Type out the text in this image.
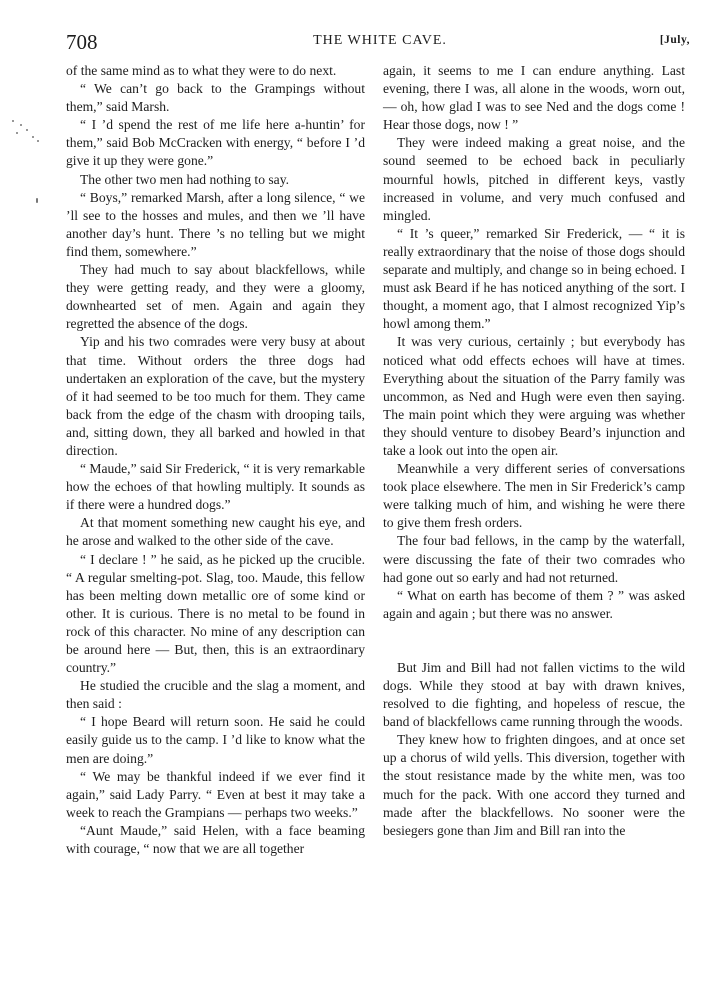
708	THE WHITE CAVE.	[July,

of the same mind as to what they were to do next.

“ We can’t go back to the Grampings without them,” said Marsh.

“ I ’d spend the rest of me life here a-huntin’ for them,” said Bob McCracken with energy, “ before I ’d give it up they were gone.”

The other two men had nothing to say.

“ Boys,” remarked Marsh, after a long silence, “ we ’ll see to the hosses and mules, and then we ’ll have another day’s hunt. There ’s no telling but we might find them, somewhere.”

They had much to say about blackfellows, while they were getting ready, and they were a gloomy, downhearted set of men. Again and again they regretted the absence of the dogs.

Yip and his two comrades were very busy at about that time. Without orders the three dogs had undertaken an exploration of the cave, but the mystery of it had seemed to be too much for them. They came back from the edge of the chasm with drooping tails, and, sitting down, they all barked and howled in that direction.

“ Maude,” said Sir Frederick, “ it is very remarkable how the echoes of that howling multiply. It sounds as if there were a hundred dogs.”

At that moment something new caught his eye, and he arose and walked to the other side of the cave.

“ I declare ! ” he said, as he picked up the crucible. “ A regular smelting-pot. Slag, too. Maude, this fellow has been melting down metallic ore of some kind or other. It is curious. There is no metal to be found in rock of this character. No mine of any description can be around here — But, then, this is an extraordinary country.”

He studied the crucible and the slag a moment, and then said :

“ I hope Beard will return soon. He said he could easily guide us to the camp. I ’d like to know what the men are doing.”

“ We may be thankful indeed if we ever find it again,” said Lady Parry. “ Even at best it may take a week to reach the Grampians — perhaps two weeks.”

“Aunt Maude,” said Helen, with a face beaming with courage, “ now that we are all together

again, it seems to me I can endure anything. Last evening, there I was, all alone in the woods, worn out, — oh, how glad I was to see Ned and the dogs come ! Hear those dogs, now ! ”

They were indeed making a great noise, and the sound seemed to be echoed back in peculiarly mournful howls, pitched in different keys, vastly increased in volume, and very much confused and mingled.

“ It ’s queer,” remarked Sir Frederick, — “ it is really extraordinary that the noise of those dogs should separate and multiply, and change so in being echoed. I must ask Beard if he has noticed anything of the sort. I thought, a moment ago, that I almost recognized Yip’s howl among them.”

It was very curious, certainly ; but everybody has noticed what odd effects echoes will have at times. Everything about the situation of the Parry family was uncommon, as Ned and Hugh were even then saying. The main point which they were arguing was whether they should venture to disobey Beard’s injunction and take a look out into the open air.

Meanwhile a very different series of conversations took place elsewhere. The men in Sir Frederick’s camp were talking much of him, and wishing he were there to give them fresh orders.

The four bad fellows, in the camp by the waterfall, were discussing the fate of their two comrades who had gone out so early and had not returned.

“ What on earth has become of them ? ” was asked again and again ; but there was no answer.

But Jim and Bill had not fallen victims to the wild dogs. While they stood at bay with drawn knives, resolved to die fighting, and hopeless of rescue, the band of blackfellows came running through the woods.

They knew how to frighten dingoes, and at once set up a chorus of wild yells. This diversion, together with the stout resistance made by the white men, was too much for the pack. With one accord they turned and made after the blackfellows. No sooner were the besiegers gone than Jim and Bill ran into the
